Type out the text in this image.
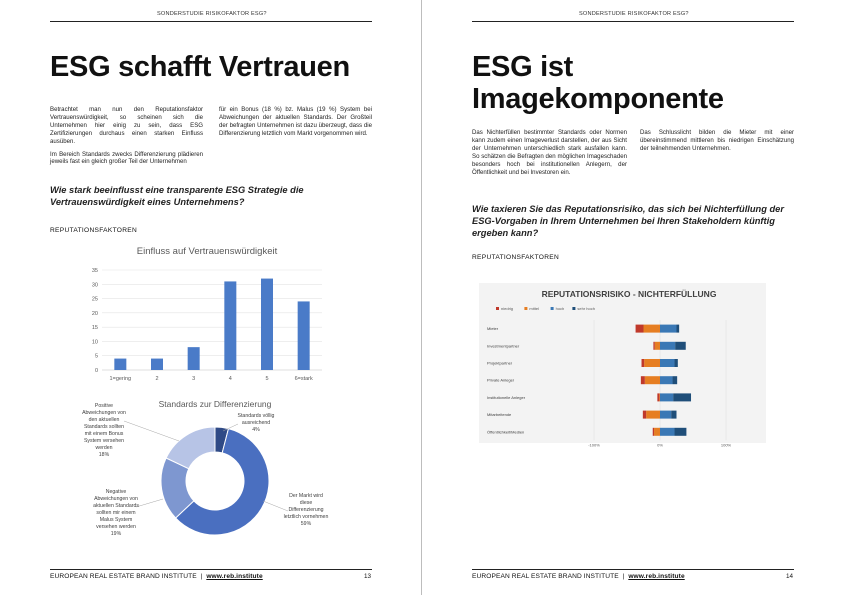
SONDERSTUDIE RISIKOFAKTOR ESG?
ESG schafft Vertrauen

Betrachtet man nun den Reputationsfaktor Vertrauenswürdigkeit, so scheinen sich die Unternehmen hier einig zu sein, dass ESG Zertifizierungen durchaus einen starken Einfluss ausüben.

Im Bereich Standards zwecks Differenzierung plädieren jeweils fast ein gleich großer Teil der Unternehmen

für ein Bonus (18 %) bz. Malus (19 %) System bei Abweichungen der aktuellen Standards. Der Großteil der befragten Unternehmen ist dazu überzeugt, dass die Differenzierung letztlich vom Markt vorgenommen wird.

Wie stark beeinflusst eine transparente ESG Strategie die Vertrauenswürdigkeit eines Unternehmens?
REPUTATIONSFAKTOREN
Einfluss auf Vertrauenswürdigkeit
0
5
10
15
20
25
30
35
1=gering	2	3	4	5	6=stark
Standards zur Differenzierung
Standards völlig ausreichend
4%
Der Markt wird diese Differenzierung letztlich vornehmen
59%
Negative Abweichungen von aktuellen Standards sollten mir einem Malus System versehen werden
19%
Positive Abweichungen von den aktuellen Standards sollten mit einem Bonus System versehen werden
18%
EUROPEAN REAL ESTATE BRAND INSTITUTE | www.reb.institute	13
SONDERSTUDIE RISIKOFAKTOR ESG?
ESG ist
Imagekomponente

Das Nichterfüllen bestimmter Standards oder Normen kann zudem einen Imageverlust darstellen, der aus Sicht der Unternehmen unterschiedlich stark ausfallen kann. So schätzen die Befragten den möglichen Imageschaden besonders hoch bei institutionellen Anlegern, der Öffentlichkeit und bei Investoren ein.

Das Schlusslicht bilden die Mieter mit einer übereinstimmend mittleren bis niedrigen Einschätzung der teilnehmenden Unternehmen.

Wie taxieren Sie das Reputationsrisiko, das sich bei Nichterfüllung der ESG-Vorgaben in Ihrem Unternehmen bei Ihren Stakeholdern künftig ergeben kann?
REPUTATIONSFAKTOREN
REPUTATIONSRISIKO - NICHTERFÜLLUNG
niedrig	mittel	hoch	sehr hoch
Mieter
Investmentpartner
Projektpartner
Private Anleger
Institutionelle Anleger
Mitarbeitende
Öffentlichkeit/Medien
-100%	0%	100%
EUROPEAN REAL ESTATE BRAND INSTITUTE | www.reb.institute	14
